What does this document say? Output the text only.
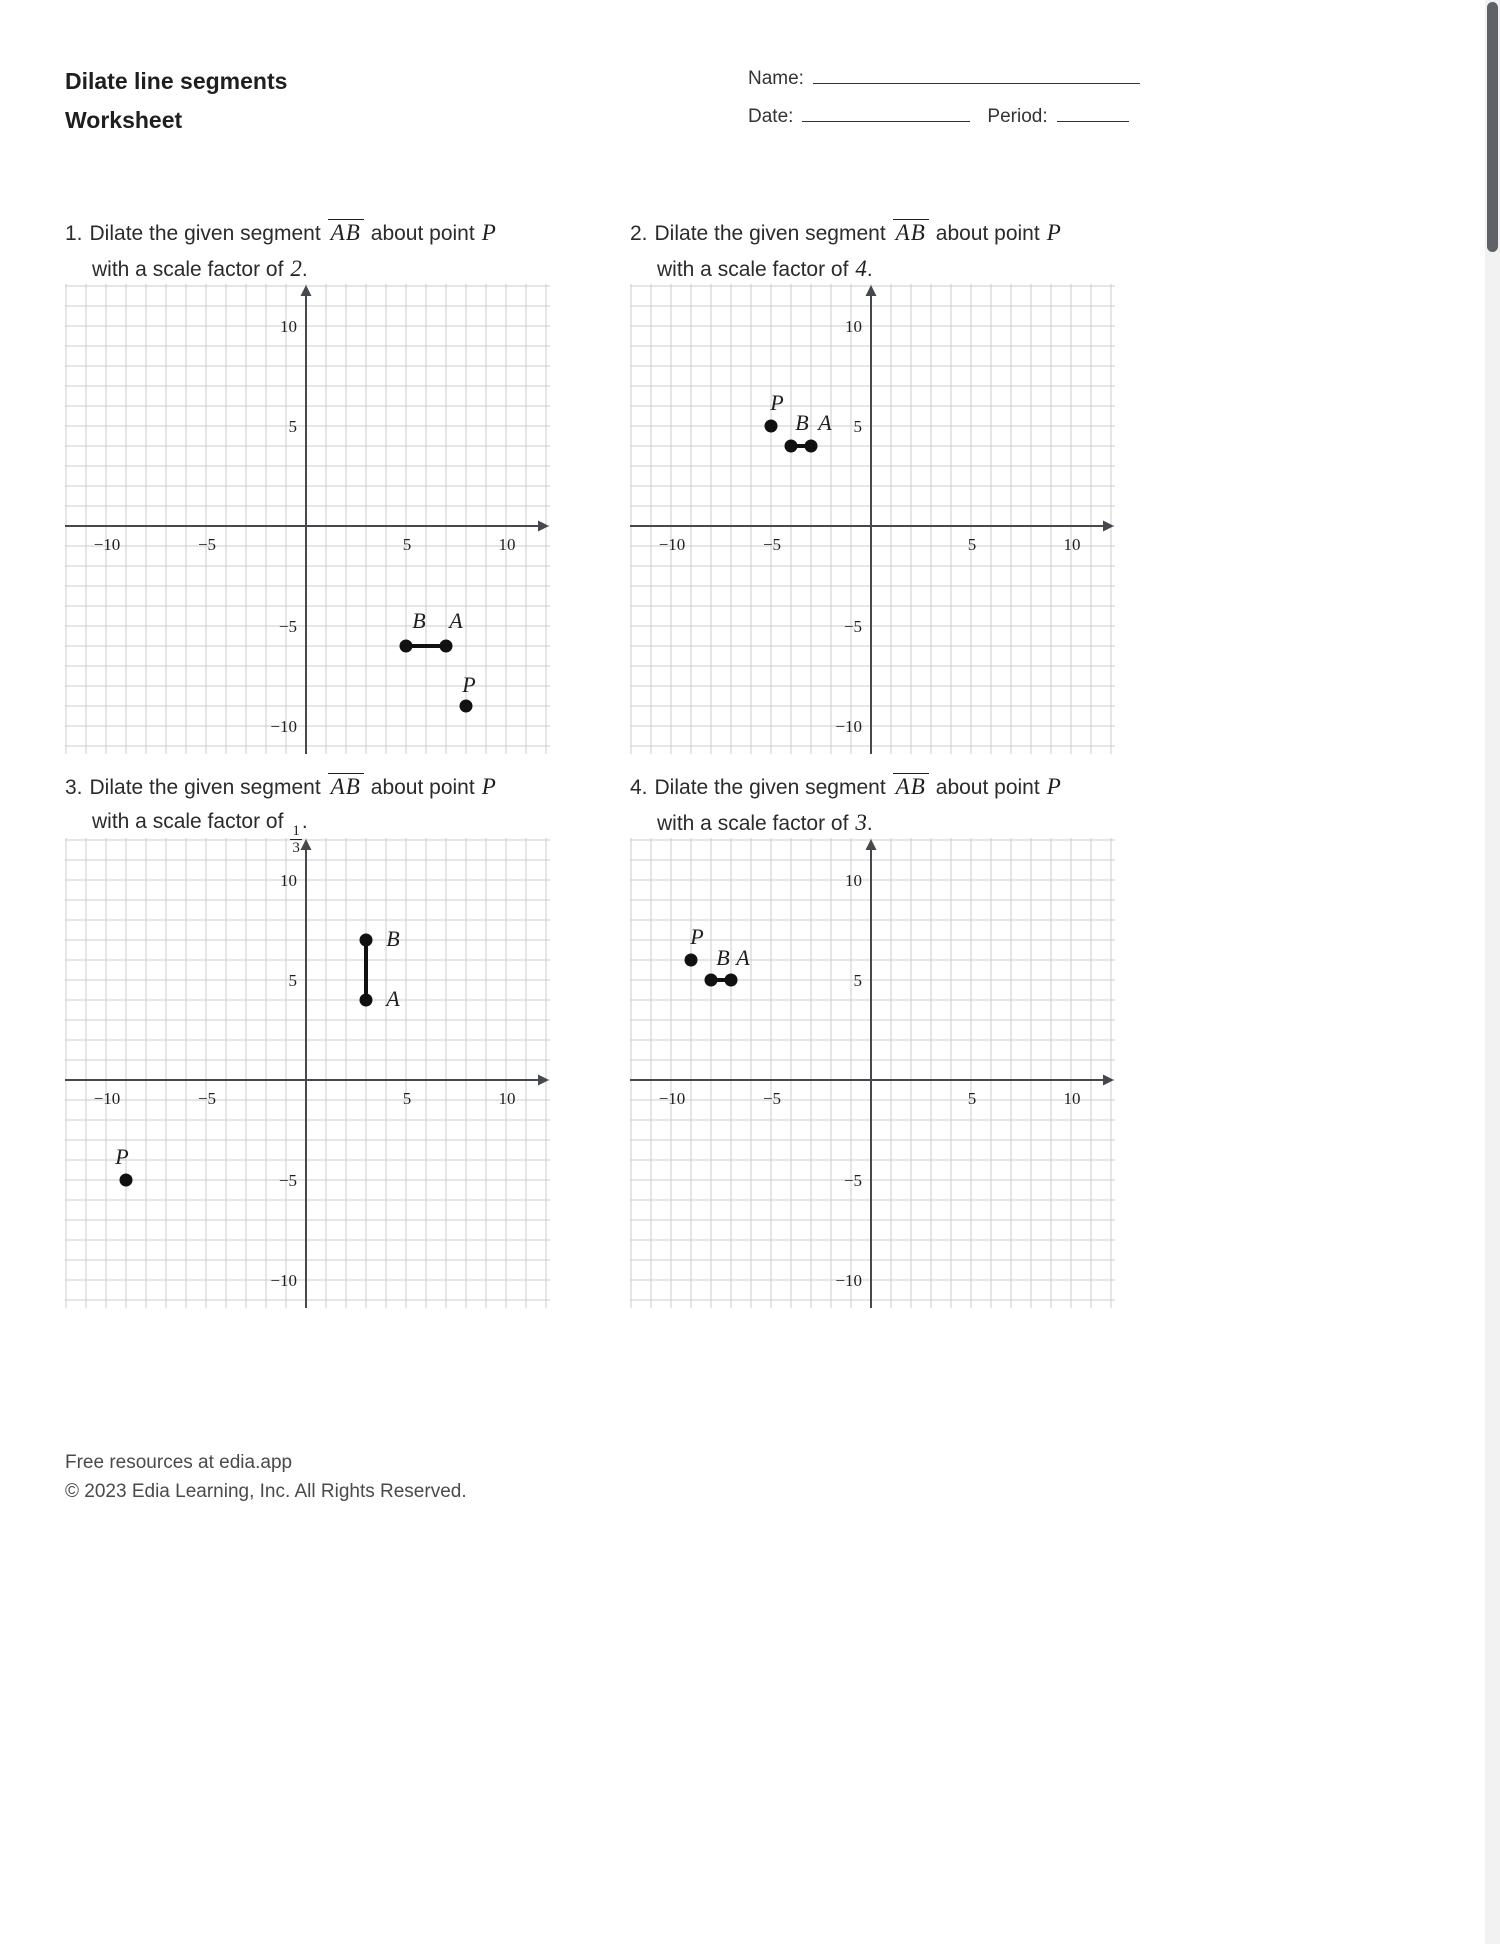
Dilate line segments
Worksheet
Name:
Date:	Period:
1. Dilate the given segment AB about point P
with a scale factor of 2 .
−10
−10
−5
−5
5
5
10
10
B A
P
2. Dilate the given segment AB about point P
with a scale factor of 4 .
−10
−10
−5
−5
5
5
10
10
P
B A
3. Dilate the given segment AB about point P
with a scale factor of
$\frac{1}{3}$
.
−10
−10
−5
−5
5
5
10
10
B
A
P
4. Dilate the given segment AB about point P
with a scale factor of 3 .
−10
−10
−5
−5
5
5
10
10
P
B A
Free resources at edia.app
© 2023 Edia Learning, Inc. All Rights Reserved.
